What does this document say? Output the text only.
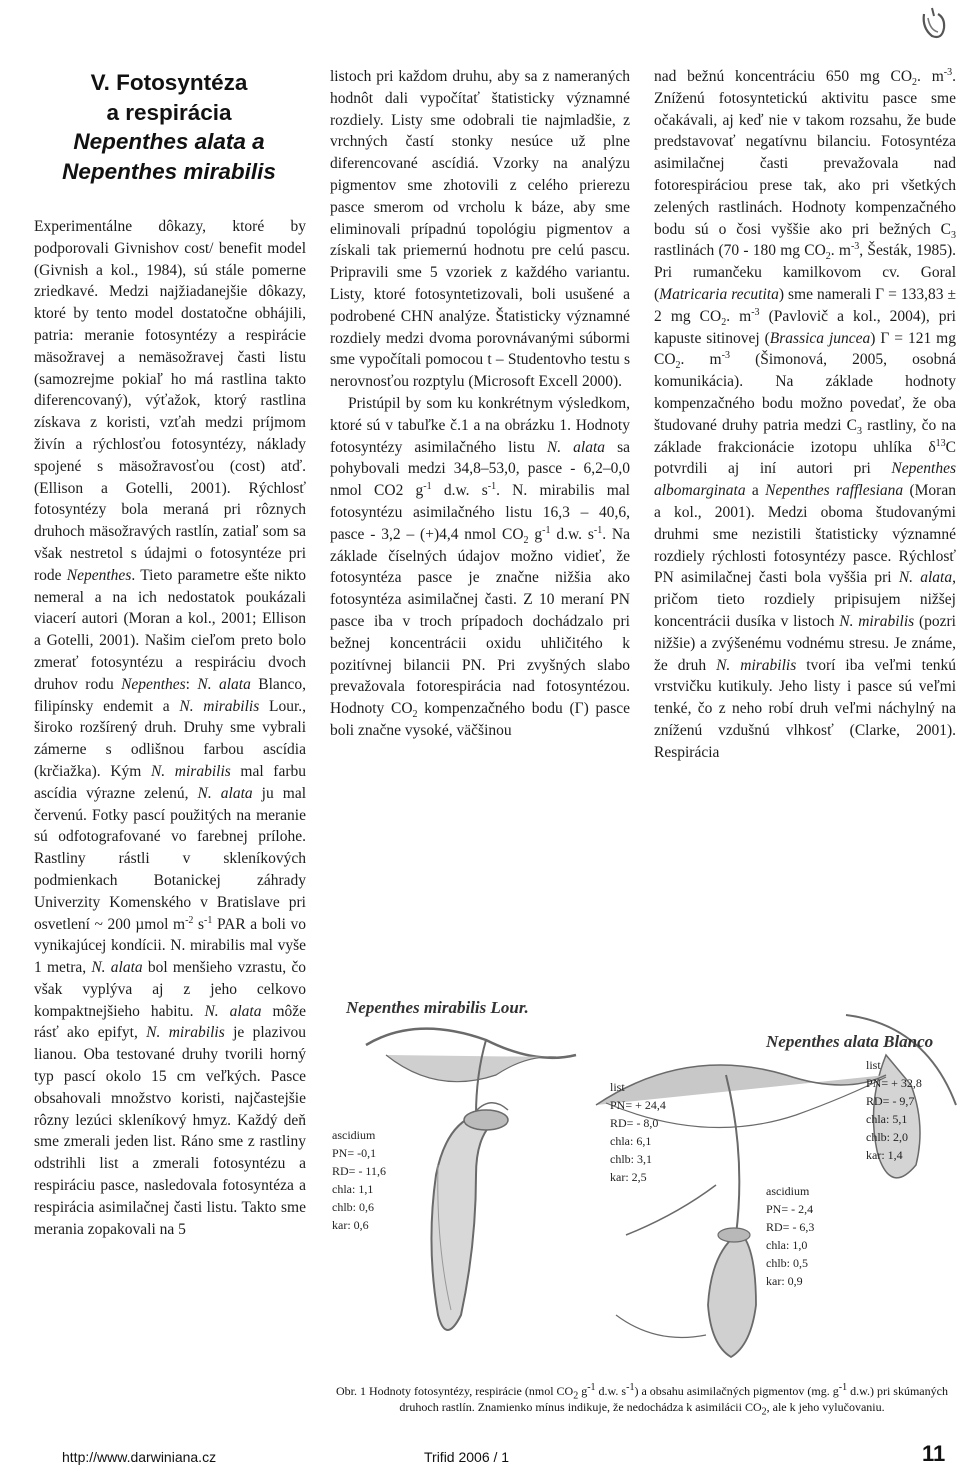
V. Fotosyntéza
a respirácia
Nepenthes alata a
Nepenthes mirabilis

Experimentálne dôkazy, ktoré by podporovali Givnishov cost/ benefit model (Givnish a kol., 1984), sú stále pomerne zriedkavé. Medzi najžiadanejšie dôkazy, ktoré by tento model dostatočne obhájili, patria: meranie fotosyntézy a respirácie mäsožravej a nemäsožravej časti listu (samozrejme pokiaľ ho má rastlina takto diferencovaný), výťažok, ktorý rastlina získava z koristi, vzťah medzi príjmom živín a rýchlosťou fotosyntézy, náklady spojené s mäsožravosťou (cost) atď. (Ellison a Gotelli, 2001). Rýchlosť fotosyntézy bola meraná pri rôznych druhoch mäsožravých rastlín, zatiaľ som sa však nestretol s údajmi o fotosyntéze pri rode Nepenthes. Tieto parametre ešte nikto nemeral a na ich nedostatok poukázali viacerí autori (Moran a kol., 2001; Ellison a Gotelli, 2001). Našim cieľom preto bolo zmerať fotosyntézu a respiráciu dvoch druhov rodu Nepenthes: N. alata Blanco, filipínsky endemit a N. mirabilis Lour., široko rozšírený druh. Druhy sme vybrali zámerne s odlišnou farbou ascídia (krčiažka). Kým N. mirabilis mal farbu ascídia výrazne zelenú, N. alata ju mal červenú. Fotky pascí použitých na meranie sú odfotografované vo farebnej prílohe. Rastliny rástli v skleníkových podmienkach Botanickej záhrady Univerzity Komenského v Bratislave pri osvetlení ~ 200 µmol $m^{-2}$ $s^{-1}$ PAR a boli vo vynikajúcej kondícii. N. mirabilis mal vyše 1 metra, N. alata bol menšieho vzrastu, čo však vyplýva aj z jeho celkovo kompaktnejšieho habitu. N. alata môže rásť ako epifyt, N. mirabilis je plazivou lianou. Oba testované druhy tvorili horný typ pascí okolo 15 cm veľkých. Pasce obsahovali množstvo koristi, najčastejšie rôzny lezúci skleníkový hmyz. Každý deň sme zmerali jeden list. Ráno sme z rastliny odstrihli list a zmerali fotosyntézu a respiráciu pasce, nasledovala fotosyntéza a respirácia asimilačnej časti listu. Takto sme merania zopakovali na 5

listoch pri každom druhu, aby sa z nameraných hodnôt dali vypočítať štatisticky významné rozdiely. Listy sme odobrali tie najmladšie, z vrchných častí stonky nesúce už plne diferencované ascídiá. Vzorky na analýzu pigmentov sme zhotovili z celého prierezu pasce smerom od vrcholu k báze, aby sme eliminovali prípadnú topológiu pigmentov a získali tak priemernú hodnotu pre celú pascu. Pripravili sme 5 vzoriek z každého variantu. Listy, ktoré fotosyntetizovali, boli usušené a podrobené CHN analýze. Štatisticky významné rozdiely medzi dvoma porovnávanými súbormi sme vypočítali pomocou t – Studentovho testu s nerovnosťou rozptylu (Microsoft Excell 2000).

Pristúpil by som ku konkrétnym výsledkom, ktoré sú v tabuľke č.1 a na obrázku 1. Hodnoty fotosyntézy asimilačného listu N. alata sa pohybovali medzi 34,8–53,0, pasce - 6,2–0,0 nmol CO2 $g^{-1}$ d.w. $s^{-1}$. N. mirabilis mal fotosyntézu asimilačného listu 16,3 – 40,6, pasce - 3,2 – (+)4,4 nmol $CO_2$ $g^{-1}$ d.w. $s^{-1}$. Na základe číselných údajov možno vidieť, že fotosyntéza pasce je značne nižšia ako fotosyntéza asimilačnej časti. Z 10 meraní PN pasce iba v troch prípadoch dochádzalo pri bežnej koncentrácii oxidu uhličitého k pozitívnej bilancii PN. Pri zvyšných slabo prevažovala fotorespirácia nad fotosyntézou. Hodnoty $CO_2$ kompenzačného bodu (Γ) pasce boli značne vysoké, väčšinou

nad bežnú koncentráciu 650 mg $CO_2$. $m^{-3}$. Zníženú fotosyntetickú aktivitu pasce sme očakávali, aj keď nie v takom rozsahu, že bude predstavovať negatívnu bilanciu. Fotosyntéza asimilačnej časti prevažovala nad fotorespiráciou prese tak, ako pri všetkých zelených rastlinách. Hodnoty kompenzačného bodu sú o čosi vyššie ako pri bežných $C_3$ rastlinách (70 - 180 mg $CO_2$. $m^{-3}$, Šesták, 1985). Pri rumančeku kamilkovom cv. Goral (Matricaria recutita) sme namerali Γ = 133,83 ± 2 mg $CO_2$. $m^{-3}$ (Pavlovič a kol., 2004), pri kapuste sitinovej (Brassica juncea) Γ = 121 mg $CO_2$. $m^{-3}$ (Šimonová, 2005, osobná komunikácia). Na základe hodnoty kompenzačného bodu možno povedať, že oba študované druhy patria medzi $C_3$ rastliny, čo na základe frakcionácie izotopu uhlíka $\delta^{13}C$ potvrdili aj iní autori pri Nepenthes albomarginata a Nepenthes rafflesiana (Moran a kol., 2001). Medzi oboma študovanými druhmi sme nezistili štatisticky významné rozdiely rýchlosti fotosyntézy pasce. Rýchlosť PN asimilačnej časti bola vyššia pri N. alata, pričom tieto rozdiely pripisujem nižšej koncentrácii dusíka v listoch N. mirabilis (pozri nižšie) a zvýšenému vodnému stresu. Je známe, že druh N. mirabilis tvorí iba veľmi tenkú vrstvičku kutikuly. Jeho listy i pasce sú veľmi tenké, čo z neho robí druh veľmi náchylný na zníženú vzdušnú vlhkosť (Clarke, 2001). Respirácia

Nepenthes mirabilis Lour.
Nepenthes alata Blanco
ascidium
PN= -0,1
RD= - 11,6
chla: 1,1
chlb: 0,6
kar: 0,6
list
PN= + 24,4
RD= - 8,0
chla: 6,1
chlb: 3,1
kar: 2,5
list
PN= + 32,8
RD= - 9,7
chla: 5,1
chlb: 2,0
kar: 1,4
ascidium
PN= - 2,4
RD= - 6,3
chla: 1,0
chlb: 0,5
kar: 0,9

Obr. 1 Hodnoty fotosyntézy, respirácie (nmol $CO_2$ $g^{-1}$ d.w. $s^{-1}$) a obsahu asimilačných pigmentov (mg. $g^{-1}$ d.w.) pri skúmaných druhoch rastlín. Znamienko mínus indikuje, že nedochádza k asimilácii $CO_2$, ale k jeho vylučovaniu.

http://www.darwiniana.cz	Trifid 2006 / 1	11
